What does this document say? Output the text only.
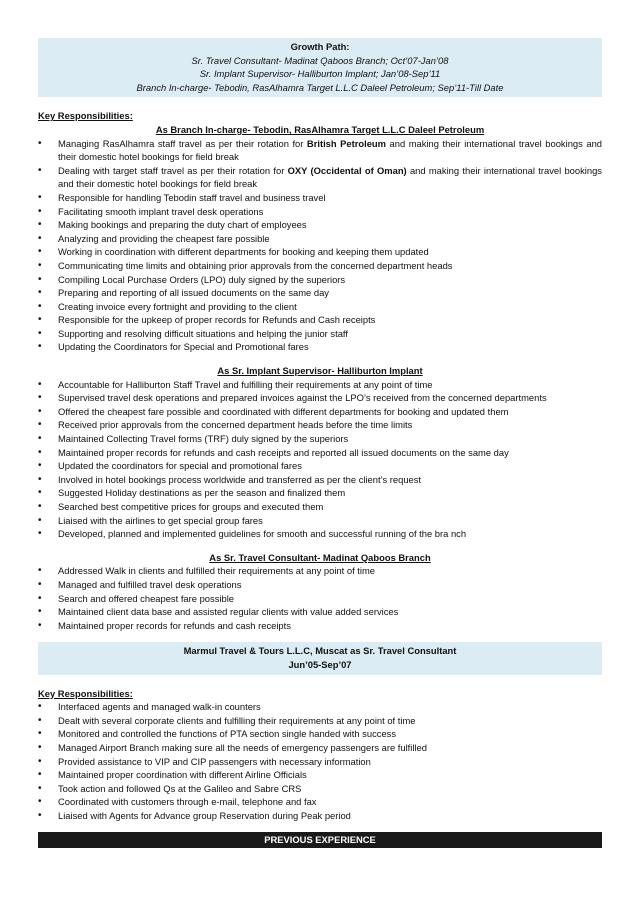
Growth Path:
Sr. Travel Consultant- Madinat Qaboos Branch; Oct’07-Jan’08
Sr. Implant Supervisor- Halliburton Implant; Jan’08-Sep’11
Branch In-charge- Tebodin, RasAlhamra Target L.L.C Daleel Petroleum; Sep’11-Till Date
Key Responsibilities:
As Branch In-charge- Tebodin, RasAlhamra Target L.L.C Daleel Petroleum
• Managing RasAlhamra staff travel as per their rotation for British Petroleum and making their international travel bookings and their domestic hotel bookings for field break
• Dealing with target staff travel as per their rotation for OXY (Occidental of Oman) and making their international travel bookings and their domestic hotel bookings for field break
• Responsible for handling Tebodin staff travel and business travel
• Facilitating smooth implant travel desk operations
• Making bookings and preparing the duty chart of employees
• Analyzing and providing the cheapest fare possible
• Working in coordination with different departments for booking and keeping them updated
• Communicating time limits and obtaining prior approvals from the concerned department heads
• Compiling Local Purchase Orders (LPO) duly signed by the superiors
• Preparing and reporting of all issued documents on the same day
• Creating invoice every fortnight and providing to the client
• Responsible for the upkeep of proper records for Refunds and Cash receipts
• Supporting and resolving difficult situations and helping the junior staff
• Updating the Coordinators for Special and Promotional fares
As Sr. Implant Supervisor- Halliburton Implant
• Accountable for Halliburton Staff Travel and fulfilling their requirements at any point of time
• Supervised travel desk operations and prepared invoices against the LPO’s received from the concerned departments
• Offered the cheapest fare possible and coordinated with different departments for booking and updated them
• Received prior approvals from the concerned department heads before the time limits
• Maintained Collecting Travel forms (TRF) duly signed by the superiors
• Maintained proper records for refunds and cash receipts and reported all issued documents on the same day
• Updated the coordinators for special and promotional fares
• Involved in hotel bookings process worldwide and transferred as per the client’s request
• Suggested Holiday destinations as per the season and finalized them
• Searched best competitive prices for groups and executed them
• Liaised with the airlines to get special group fares
• Developed, planned and implemented guidelines for smooth and successful running of the bra nch
As Sr. Travel Consultant- Madinat Qaboos Branch
• Addressed Walk in clients and fulfilled their requirements at any point of time
• Managed and fulfilled travel desk operations
• Search and offered cheapest fare possible
• Maintained client data base and assisted regular clients with value added services
• Maintained proper records for refunds and cash receipts
Marmul Travel & Tours L.L.C, Muscat as Sr. Travel Consultant
Jun’05-Sep’07
Key Responsibilities:
• Interfaced agents and managed walk-in counters
• Dealt with several corporate clients and fulfilling their requirements at any point of time
• Monitored and controlled the functions of PTA section single handed with success
• Managed Airport Branch making sure all the needs of emergency passengers are fulfilled
• Provided assistance to VIP and CIP passengers with necessary information
• Maintained proper coordination with different Airline Officials
• Took action and followed Qs at the Galileo and Sabre CRS
• Coordinated with customers through e-mail, telephone and fax
• Liaised with Agents for Advance group Reservation during Peak period
PREVIOUS EXPERIENCE
